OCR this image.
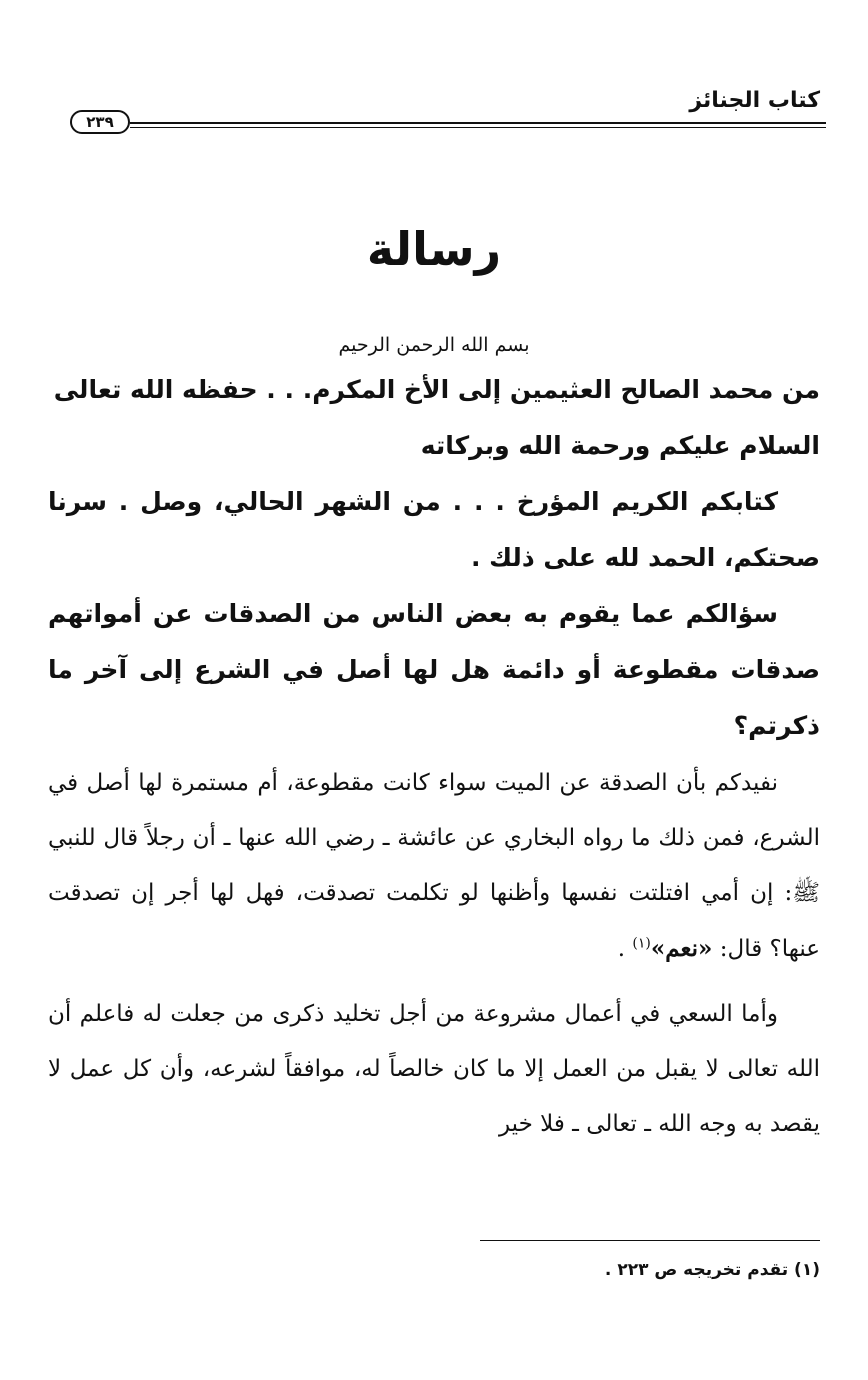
كتاب الجنائز
٢٣٩
رسالة
بسم الله الرحمن الرحيم

من محمد الصالح العثيمين إلى الأخ المكرم. . . حفظه الله تعالى

السلام عليكم ورحمة الله وبركاته

كتابكم الكريم المؤرخ . . . من الشهر الحالي، وصل . سرنا صحتكم، الحمد لله على ذلك .

سؤالكم عما يقوم به بعض الناس من الصدقات عن أمواتهم صدقات مقطوعة أو دائمة هل لها أصل في الشرع إلى آخر ما ذكرتم؟

نفيدكم بأن الصدقة عن الميت سواء كانت مقطوعة، أم مستمرة لها أصل في الشرع، فمن ذلك ما رواه البخاري عن عائشة ـ رضي الله عنها ـ أن رجلاً قال للنبي ﷺ: إن أمي افتلتت نفسها وأظنها لو تكلمت تصدقت، فهل لها أجر إن تصدقت عنها؟ قال: «نعم»$^{(١)}$ .

وأما السعي في أعمال مشروعة من أجل تخليد ذكرى من جعلت له فاعلم أن الله تعالى لا يقبل من العمل إلا ما كان خالصاً له، موافقاً لشرعه، وأن كل عمل لا يقصد به وجه الله ـ تعالى ـ فلا خير

(١) تقدم تخريجه ص ٢٢٣ .
